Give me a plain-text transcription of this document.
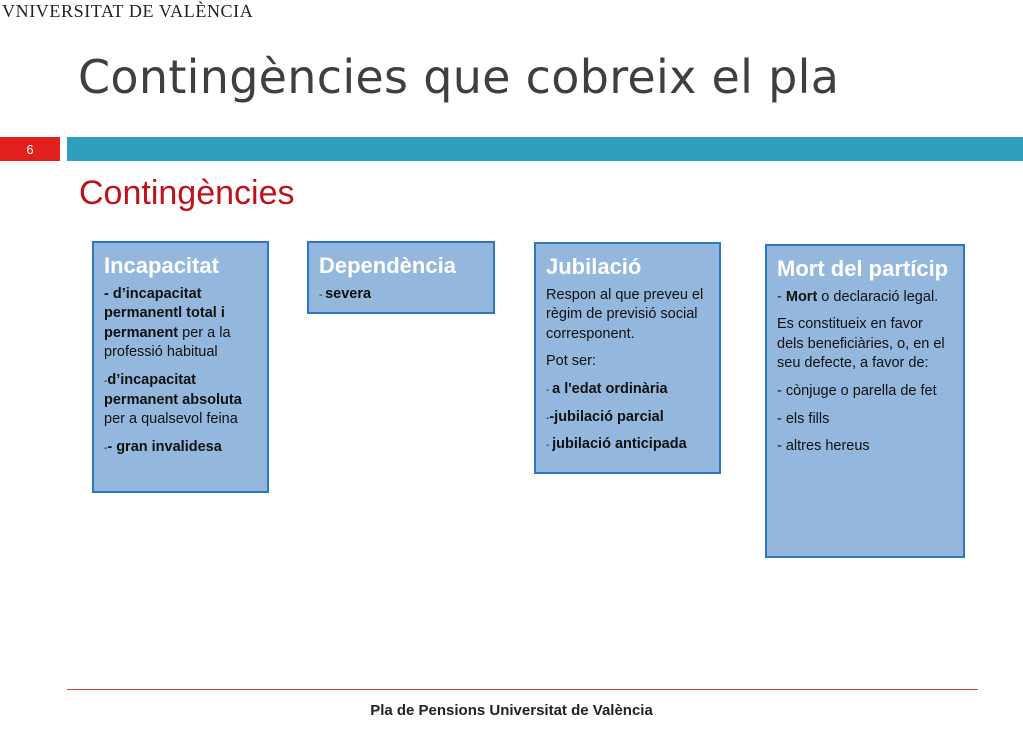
VNIVERSITAT DE VALÈNCIA
Contingències que cobreix el pla
6
Contingències
Incapacitat

- d’incapacitat permanentl total i permanent per a la professió habitual

-d’incapacitat permanent absoluta per a qualsevol feina

-- gran invalidesa

Dependència

- severa

Jubilació

Respon al que preveu el règim de previsió social corresponent.

Pot ser:

- a l'edat ordinària

--jubilació parcial

- jubilació anticipada

Mort del partícip

- Mort o declaració legal.

Es constitueix en favor dels beneficiàries, o, en el seu defecte, a favor de:

- cònjuge o parella de fet

- els fills

- altres hereus

Pla de Pensions Universitat de València
